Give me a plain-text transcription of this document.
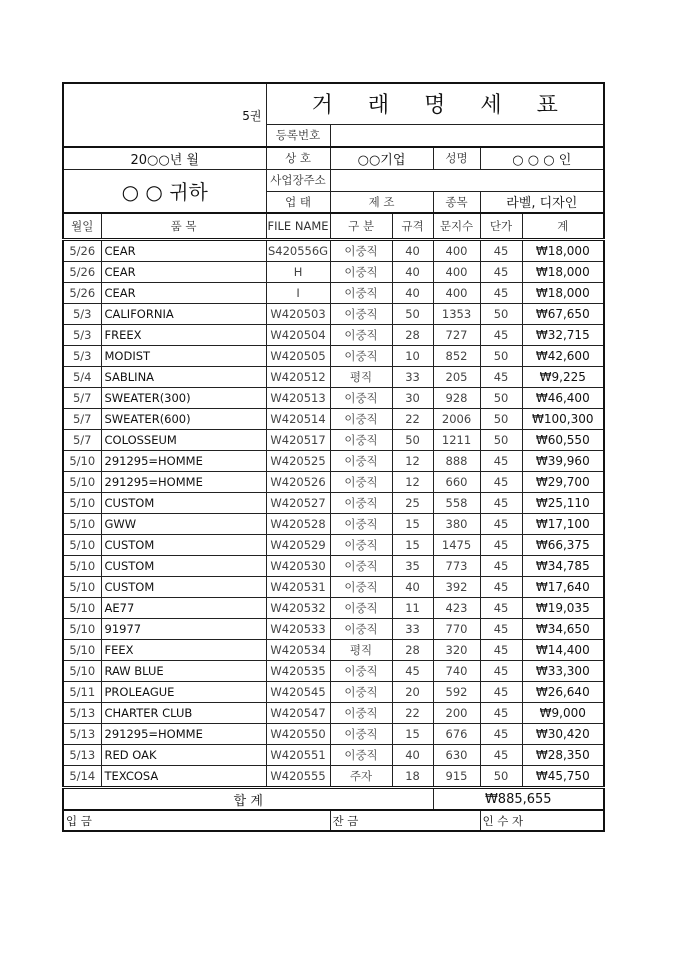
5권		거 래 명 세 표					
		등록번호					
20○○년 월		상 호	○○기업		성명	○ ○ ○ 인	
○ ○ 귀하		사업장주소					
		업 태	제 조		종목	라벨, 디자인	
월일	품 목	FILE NAME	구 분	규격	문지수	단가	계
5/26	CEAR	S420556G	이중직	40	400	45	₩18,000
5/26	CEAR	H	이중직	40	400	45	₩18,000
5/26	CEAR	I	이중직	40	400	45	₩18,000
5/3	CALIFORNIA	W420503	이중직	50	1353	50	₩67,650
5/3	FREEX	W420504	이중직	28	727	45	₩32,715
5/3	MODIST	W420505	이중직	10	852	50	₩42,600
5/4	SABLINA	W420512	평직	33	205	45	₩9,225
5/7	SWEATER(300)	W420513	이중직	30	928	50	₩46,400
5/7	SWEATER(600)	W420514	이중직	22	2006	50	₩100,300
5/7	COLOSSEUM	W420517	이중직	50	1211	50	₩60,550
5/10	291295=HOMME	W420525	이중직	12	888	45	₩39,960
5/10	291295=HOMME	W420526	이중직	12	660	45	₩29,700
5/10	CUSTOM	W420527	이중직	25	558	45	₩25,110
5/10	GWW	W420528	이중직	15	380	45	₩17,100
5/10	CUSTOM	W420529	이중직	15	1475	45	₩66,375
5/10	CUSTOM	W420530	이중직	35	773	45	₩34,785
5/10	CUSTOM	W420531	이중직	40	392	45	₩17,640
5/10	AE77	W420532	이중직	11	423	45	₩19,035
5/10	91977	W420533	이중직	33	770	45	₩34,650
5/10	FEEX	W420534	평직	28	320	45	₩14,400
5/10	RAW BLUE	W420535	이중직	45	740	45	₩33,300
5/11	PROLEAGUE	W420545	이중직	20	592	45	₩26,640
5/13	CHARTER CLUB	W420547	이중직	22	200	45	₩9,000
5/13	291295=HOMME	W420550	이중직	15	676	45	₩30,420
5/13	RED OAK	W420551	이중직	40	630	45	₩28,350
5/14	TEXCOSA	W420555	주자	18	915	50	₩45,750
합 계					₩885,655		
입 금			잔 금			인 수 자	
